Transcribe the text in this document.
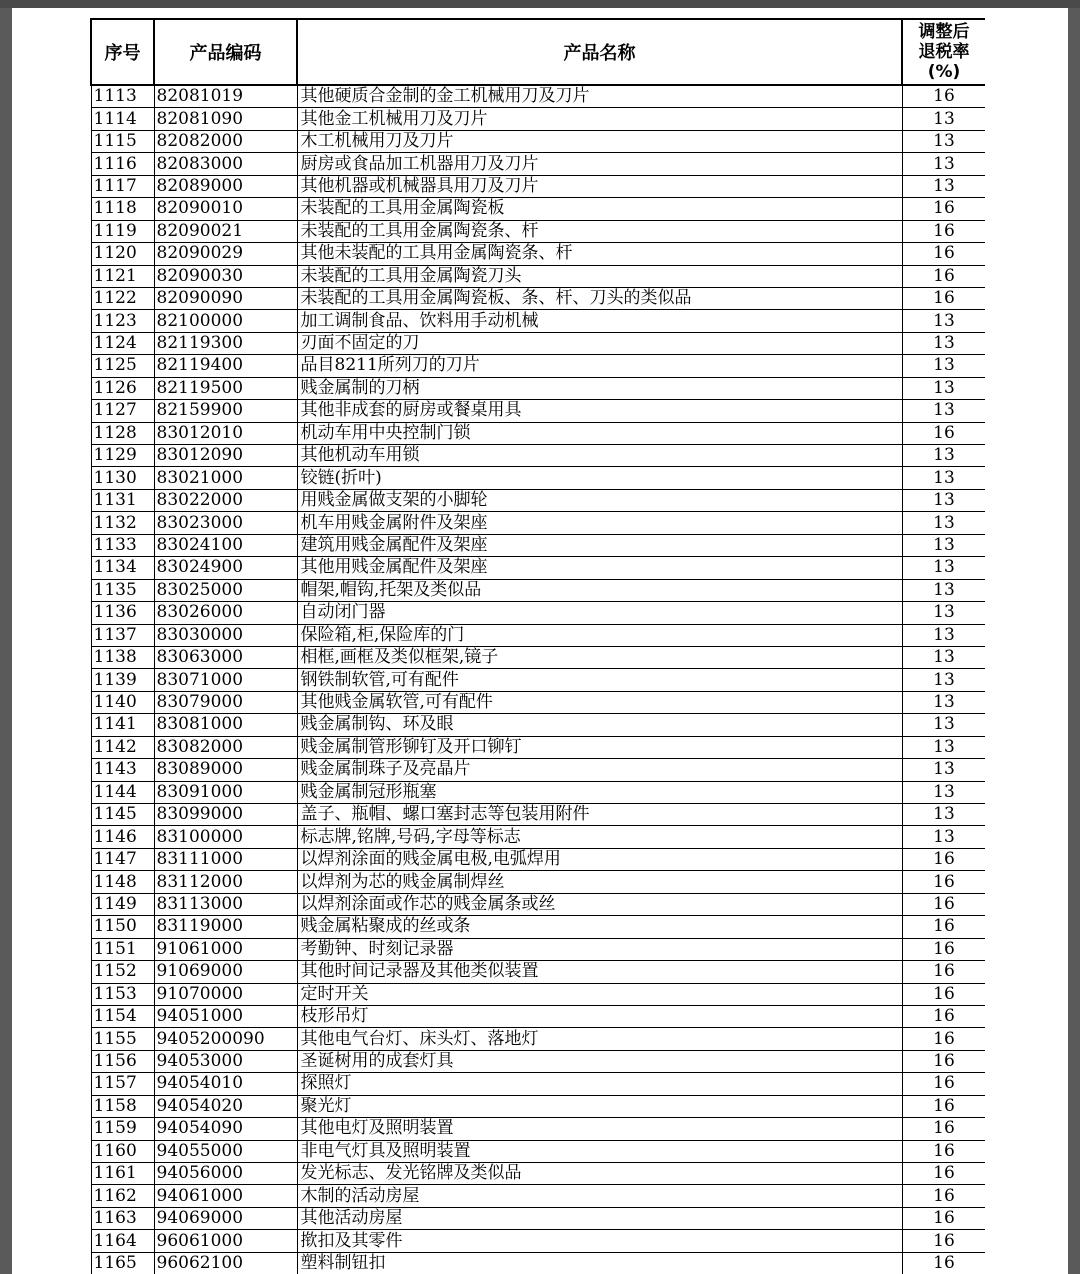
序号	产品编码	产品名称	调整后
退税率
(%)

1113	82081019	其他硬质合金制的金工机械用刀及刀片	16
1114	82081090	其他金工机械用刀及刀片	13
1115	82082000	木工机械用刀及刀片	13
1116	82083000	厨房或食品加工机器用刀及刀片	13
1117	82089000	其他机器或机械器具用刀及刀片	13
1118	82090010	未装配的工具用金属陶瓷板	16
1119	82090021	未装配的工具用金属陶瓷条、杆	16
1120	82090029	其他未装配的工具用金属陶瓷条、杆	16
1121	82090030	未装配的工具用金属陶瓷刀头	16
1122	82090090	未装配的工具用金属陶瓷板、条、杆、刀头的类似品	16
1123	82100000	加工调制食品、饮料用手动机械	13
1124	82119300	刃面不固定的刀	13
1125	82119400	品目8211所列刀的刀片	13
1126	82119500	贱金属制的刀柄	13
1127	82159900	其他非成套的厨房或餐桌用具	13
1128	83012010	机动车用中央控制门锁	16
1129	83012090	其他机动车用锁	13
1130	83021000	铰链(折叶)	13
1131	83022000	用贱金属做支架的小脚轮	13
1132	83023000	机车用贱金属附件及架座	13
1133	83024100	建筑用贱金属配件及架座	13
1134	83024900	其他用贱金属配件及架座	13
1135	83025000	帽架,帽钩,托架及类似品	13
1136	83026000	自动闭门器	13
1137	83030000	保险箱,柜,保险库的门	13
1138	83063000	相框,画框及类似框架,镜子	13
1139	83071000	钢铁制软管,可有配件	13
1140	83079000	其他贱金属软管,可有配件	13
1141	83081000	贱金属制钩、环及眼	13
1142	83082000	贱金属制管形铆钉及开口铆钉	13
1143	83089000	贱金属制珠子及亮晶片	13
1144	83091000	贱金属制冠形瓶塞	13
1145	83099000	盖子、瓶帽、螺口塞封志等包装用附件	13
1146	83100000	标志牌,铭牌,号码,字母等标志	13
1147	83111000	以焊剂涂面的贱金属电极,电弧焊用	16
1148	83112000	以焊剂为芯的贱金属制焊丝	16
1149	83113000	以焊剂涂面或作芯的贱金属条或丝	16
1150	83119000	贱金属粘聚成的丝或条	16
1151	91061000	考勤钟、时刻记录器	16
1152	91069000	其他时间记录器及其他类似装置	16
1153	91070000	定时开关	16
1154	94051000	枝形吊灯	16
1155	9405200090	其他电气台灯、床头灯、落地灯	16
1156	94053000	圣诞树用的成套灯具	16
1157	94054010	探照灯	16
1158	94054020	聚光灯	16
1159	94054090	其他电灯及照明装置	16
1160	94055000	非电气灯具及照明装置	16
1161	94056000	发光标志、发光铭牌及类似品	16
1162	94061000	木制的活动房屋	16
1163	94069000	其他活动房屋	16
1164	96061000	揿扣及其零件	16
1165	96062100	塑料制钮扣	16
